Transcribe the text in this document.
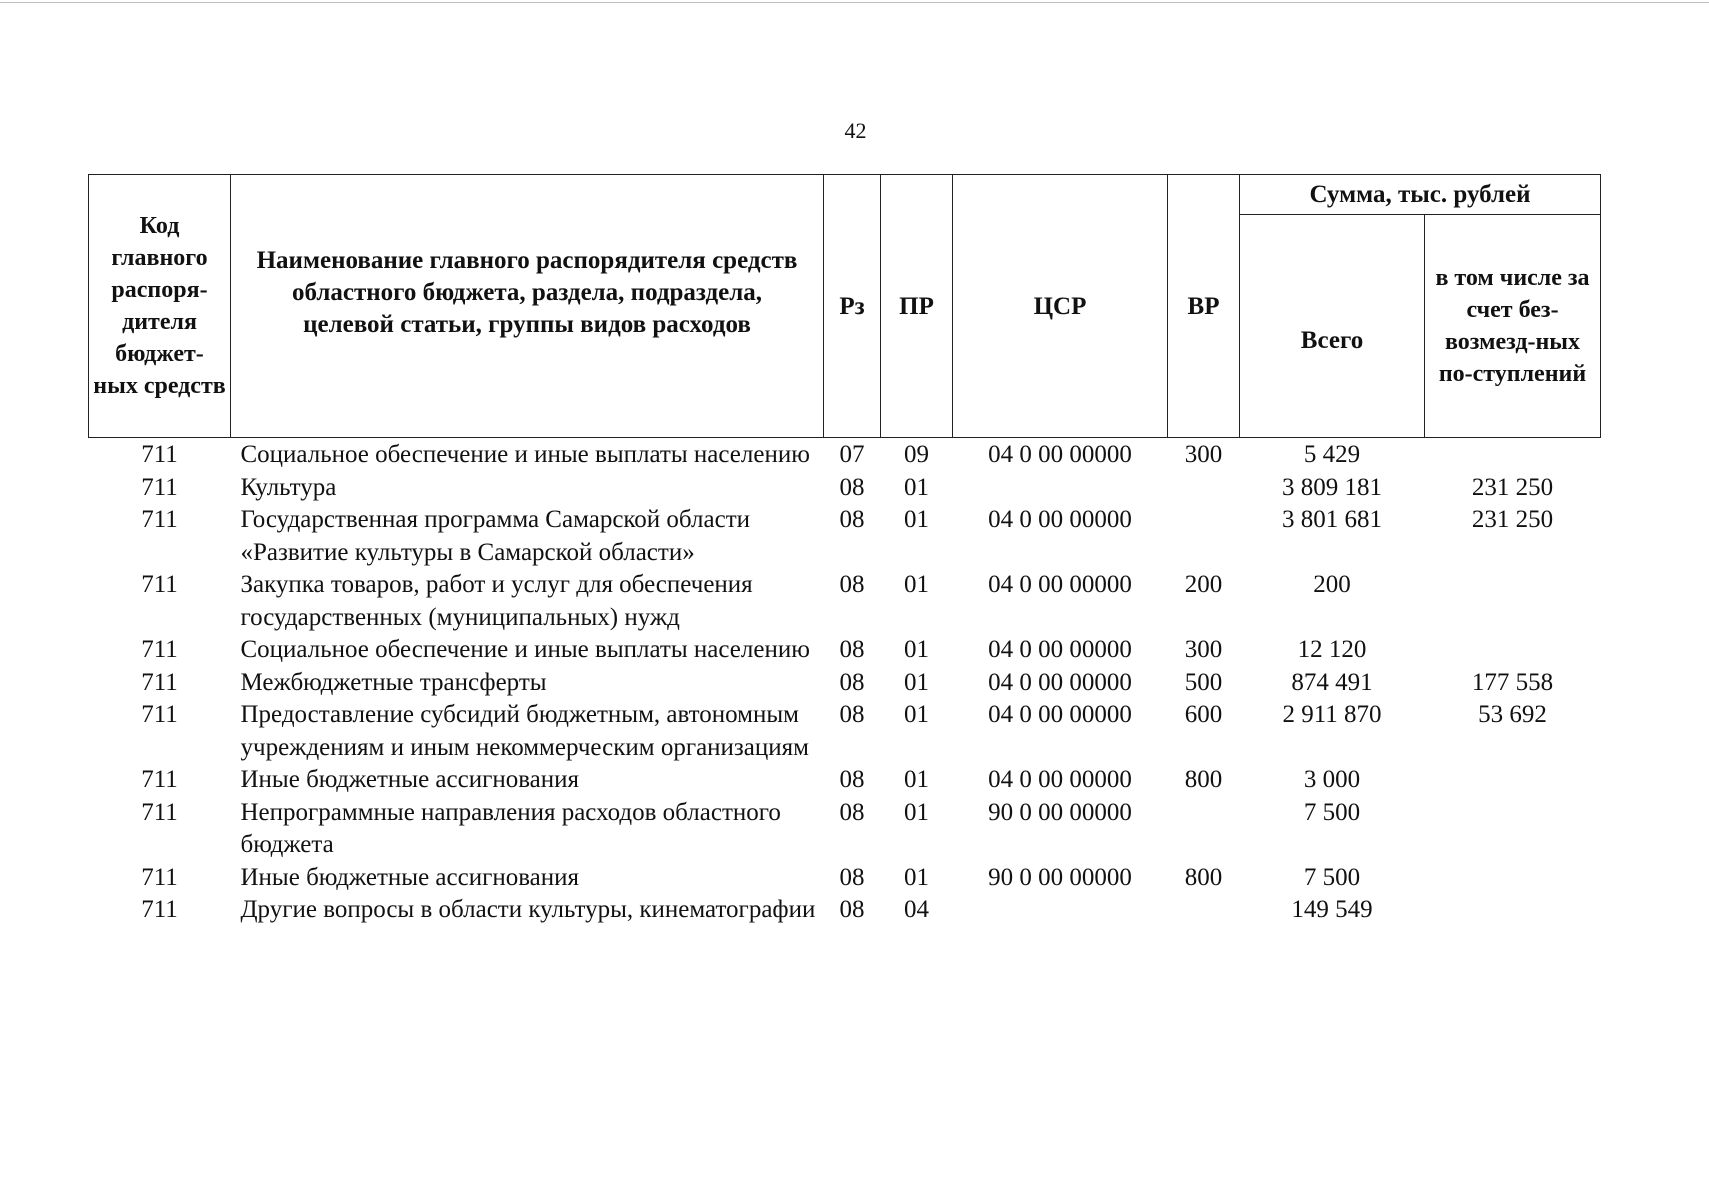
42
Код главного распоря-дителя бюджет-ных средств	Наименование главного распорядителя средств областного бюджета, раздела, подраздела, целевой статьи, группы видов расходов	Рз	ПР	ЦСР	ВР	Сумма, тыс. рублей	
						Всего	в том числе за счет без-возмезд-ных по-ступлений
711	Социальное обеспечение и иные выплаты населению	07	09	04 0 00 00000	300	5 429	
711	Культура	08	01			3 809 181	231 250
711	Государственная программа Самарской области «Развитие культуры в Самарской области»	08	01	04 0 00 00000		3 801 681	231 250
711	Закупка товаров, работ и услуг для обеспечения государственных (муниципальных) нужд	08	01	04 0 00 00000	200	200	
711	Социальное обеспечение и иные выплаты населению	08	01	04 0 00 00000	300	12 120	
711	Межбюджетные трансферты	08	01	04 0 00 00000	500	874 491	177 558
711	Предоставление субсидий бюджетным, автономным учреждениям и иным некоммерческим организациям	08	01	04 0 00 00000	600	2 911 870	53 692
711	Иные бюджетные ассигнования	08	01	04 0 00 00000	800	3 000	
711	Непрограммные направления расходов областного бюджета	08	01	90 0 00 00000		7 500	
711	Иные бюджетные ассигнования	08	01	90 0 00 00000	800	7 500	
711	Другие вопросы в области культуры, кинематографии	08	04			149 549	
